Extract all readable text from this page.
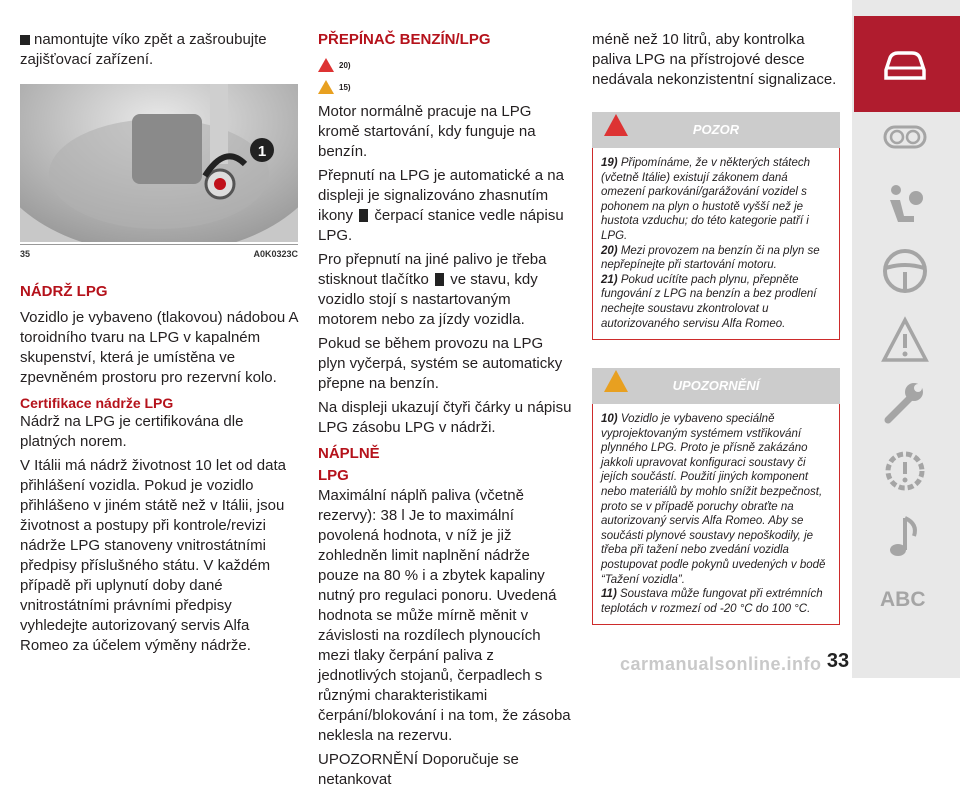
namontujte víko zpět a zašroubujte zajišťovací zařízení.

1
35	A0K0323C

NÁDRŽ LPG

Vozidlo je vybaveno (tlakovou) nádobou A toroidního tvaru na LPG v kapalném skupenství, která je umístěna ve zpevněném prostoru pro rezervní kolo.

Certifikace nádrže LPG

Nádrž na LPG je certifikována dle platných norem.

V Itálii má nádrž životnost 10 let od data přihlášení vozidla. Pokud je vozidlo přihlášeno v jiném státě než v Itálii, jsou životnost a postupy při kontrole/revizi nádrže LPG stanoveny vnitrostátními předpisy příslušného státu. V každém případě při uplynutí doby dané vnitrostátními právními předpisy vyhledejte autorizovaný servis Alfa Romeo za účelem výměny nádrže.

PŘEPÍNAČ BENZÍN/LPG

20)
15)

Motor normálně pracuje na LPG kromě startování, kdy funguje na benzín.

Přepnutí na LPG je automatické a na displeji je signalizováno zhasnutím ikony čerpací stanice vedle nápisu LPG.

Pro přepnutí na jiné palivo je třeba stisknout tlačítko ve stavu, kdy vozidlo stojí s nastartovaným motorem nebo za jízdy vozidla.

Pokud se během provozu na LPG plyn vyčerpá, systém se automaticky přepne na benzín.

Na displeji ukazují čtyři čárky u nápisu LPG zásobu LPG v nádrži.

NÁPLNĚ

LPG

Maximální náplň paliva (včetně rezervy): 38 l Je to maximální povolená hodnota, v níž je již zohledněn limit naplnění nádrže pouze na 80 % i a zbytek kapaliny nutný pro regulaci ponoru. Uvedená hodnota se může mírně měnit v závislosti na rozdílech plynoucích mezi tlaky čerpání paliva z jednotlivých stojanů, čerpadlech s různými charakteristikami čerpání/blokování i na tom, že zásoba neklesla na rezervu.

UPOZORNĚNÍ Doporučuje se netankovat

méně než 10 litrů, aby kontrolka paliva LPG na přístrojové desce nedávala nekonzistentní signalizace.

POZOR

19) Připomínáme, že v některých státech (včetně Itálie) existují zákonem daná omezení parkování/garážování vozidel s pohonem na plyn o hustotě vyšší než je hustota vzduchu; do této kategorie patří i LPG.

20) Mezi provozem na benzín či na plyn se nepřepínejte při startování motoru.

21) Pokud ucítíte pach plynu, přepněte fungování z LPG na benzín a bez prodlení nechejte soustavu zkontrolovat u autorizovaného servisu Alfa Romeo.

UPOZORNĚNÍ

10) Vozidlo je vybaveno speciálně vyprojektovaným systémem vstřikování plynného LPG. Proto je přísně zakázáno jakkoli upravovat konfiguraci soustavy či jejích součástí. Použití jiných komponent nebo materiálů by mohlo snížit bezpečnost, proto se v případě poruchy obraťte na autorizovaný servis Alfa Romeo. Aby se součásti plynové soustavy nepoškodily, je třeba při tažení nebo zvedání vozidla postupovat podle pokynů uvedených v bodě “Tažení vozidla”.

11) Soustava může fungovat při extrémních teplotách v rozmezí od -20 °C do 100 °C.	ABC
carmanualsonline.info 33
